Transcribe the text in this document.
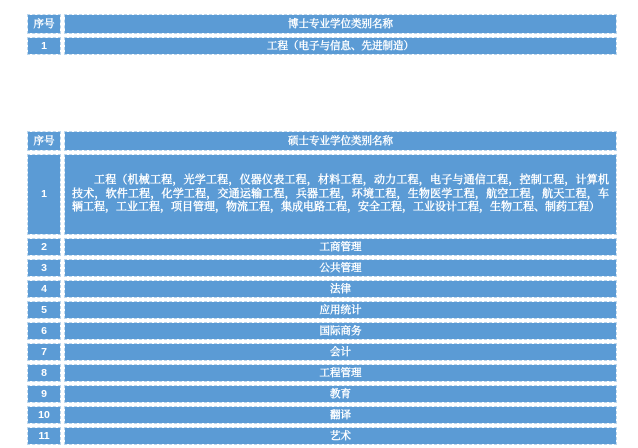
序号	博士专业学位类别名称
1	工程（电子与信息、先进制造）
序号	硕士专业学位类别名称
1	工程（机械工程，光学工程，仪器仪表工程，材料工程，动力工程，电子与通信工程，控制工程，计算机技术，软件工程，化学工程，交通运输工程，兵器工程，环境工程，生物医学工程，航空工程，航天工程，车辆工程，工业工程，项目管理，物流工程，集成电路工程，安全工程，工业设计工程，生物工程、制药工程）
2	工商管理
3	公共管理
4	法律
5	应用统计
6	国际商务
7	会计
8	工程管理
9	教育
10	翻译
11	艺术
